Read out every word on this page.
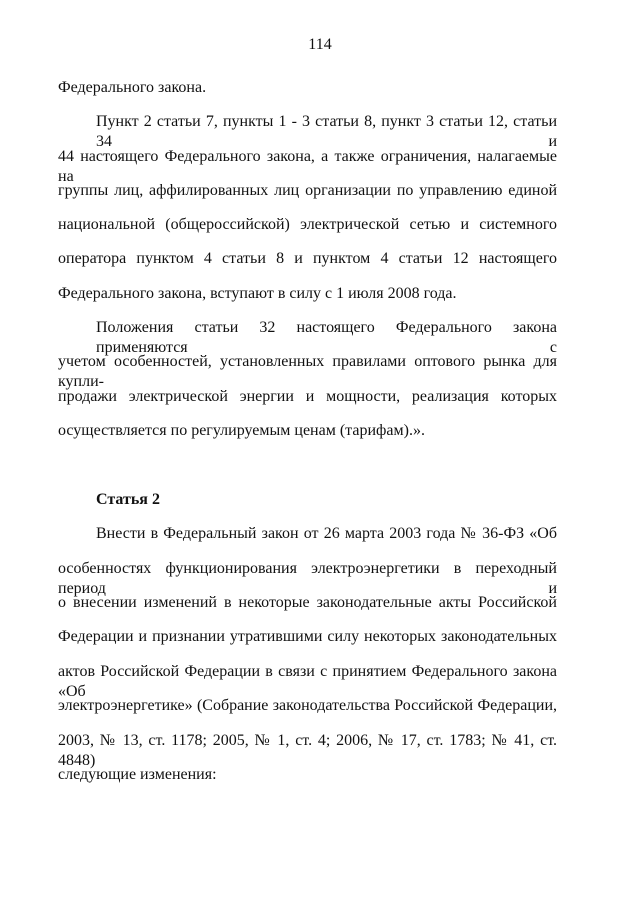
114
Федерального закона.
Пункт 2 статьи 7, пункты 1 - 3 статьи 8, пункт 3 статьи 12, статьи 34 и
44 настоящего Федерального закона, а также ограничения, налагаемые на
группы лиц, аффилированных лиц организации по управлению единой
национальной (общероссийской) электрической сетью и системного
оператора пунктом 4 статьи 8 и пунктом 4 статьи 12 настоящего
Федерального закона, вступают в силу с 1 июля 2008 года.
Положения статьи 32 настоящего Федерального закона применяются с
учетом особенностей, установленных правилами оптового рынка для купли-
продажи электрической энергии и мощности, реализация которых
осуществляется по регулируемым ценам (тарифам).».
Статья 2
Внести в Федеральный закон от 26 марта 2003 года № 36-ФЗ «Об
особенностях функционирования электроэнергетики в переходный период и
о внесении изменений в некоторые законодательные акты Российской
Федерации и признании утратившими силу некоторых законодательных
актов Российской Федерации в связи с принятием Федерального закона «Об
электроэнергетике» (Собрание законодательства Российской Федерации,
2003, № 13, ст. 1178; 2005, № 1, ст. 4; 2006, № 17, ст. 1783; № 41, ст. 4848)
следующие изменения:
